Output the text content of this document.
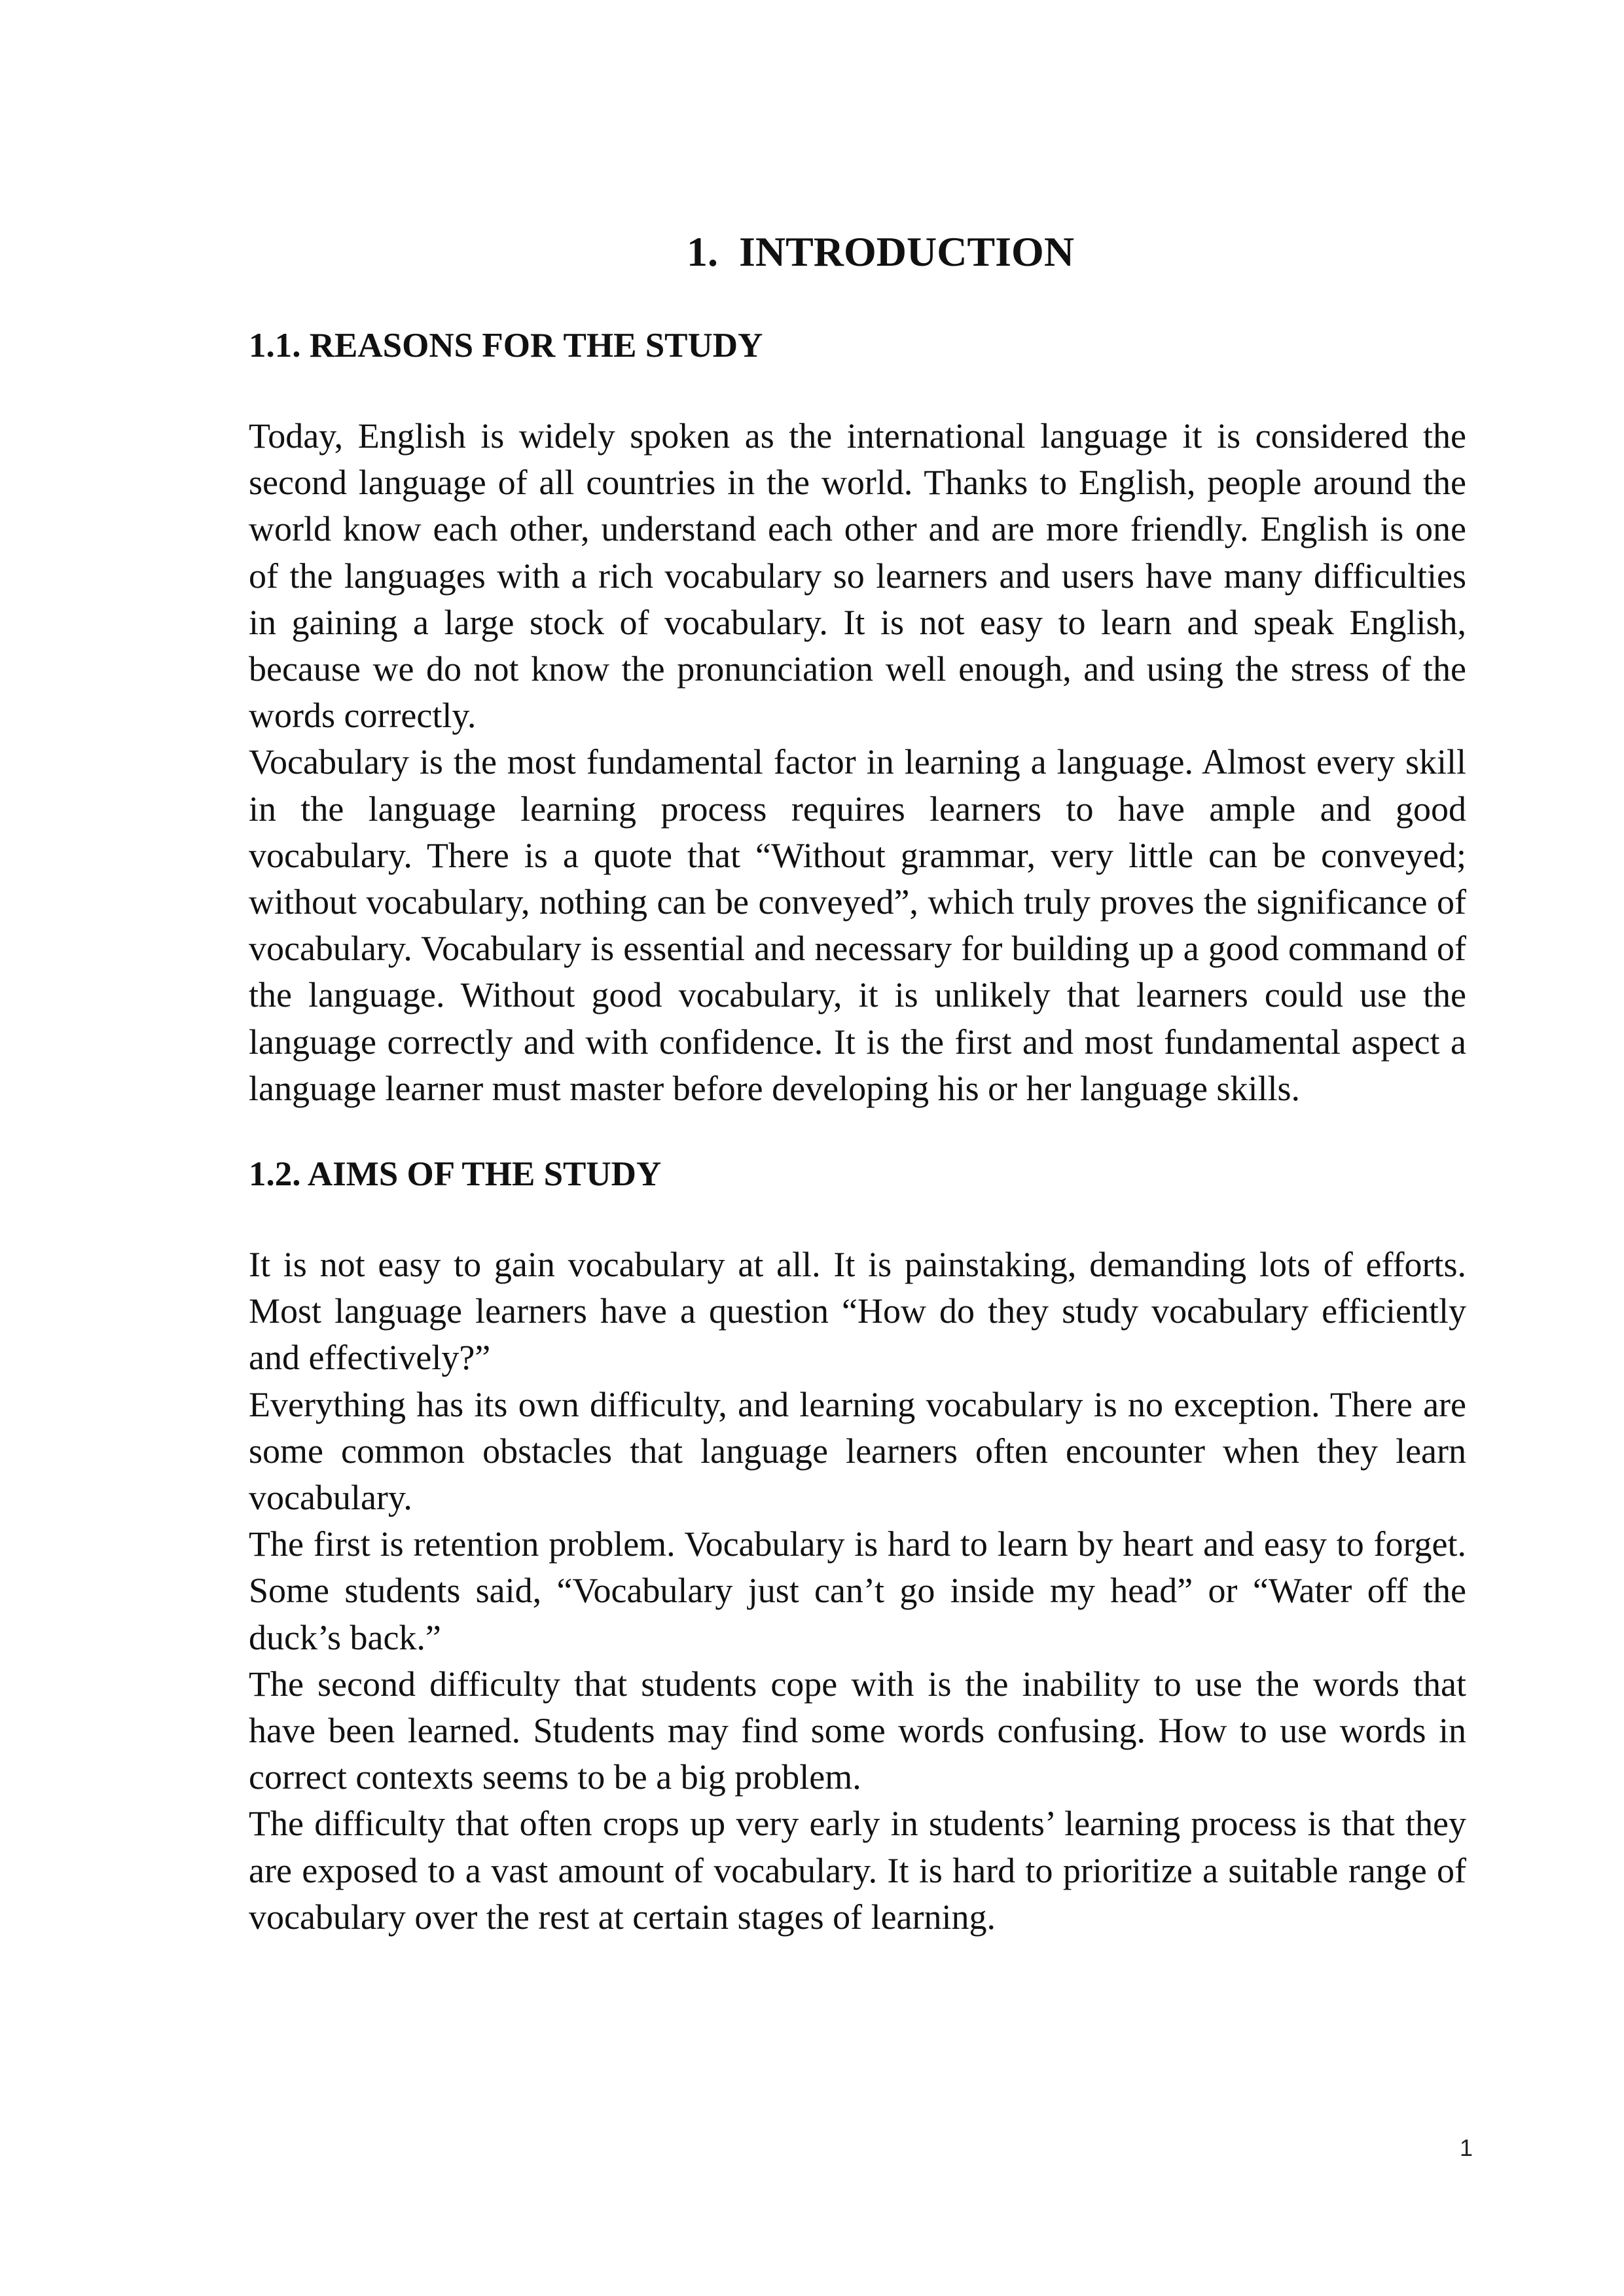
1.  INTRODUCTION
1.1. REASONS FOR THE STUDY

Today, English is widely spoken as the international language it is considered the second language of all countries in the world. Thanks to English, people around the world know each other, understand each other and are more friendly. English is one of the languages with a rich vocabulary so learners and users have many difficulties in gaining a large stock of vocabulary. It is not easy to learn and speak English, because we do not know the pronunciation well enough, and using the stress of the words correctly.

Vocabulary is the most fundamental factor in learning a language. Almost every skill in the language learning process requires learners to have ample and good vocabulary. There is a quote that “Without grammar, very little can be conveyed; without vocabulary, nothing can be conveyed”, which truly proves the significance of vocabulary. Vocabulary is essential and necessary for building up a good command of the language. Without good vocabulary, it is unlikely that learners could use the language correctly and with confidence. It is the first and most fundamental aspect a language learner must master before developing his or her language skills.

1.2. AIMS OF THE STUDY

It is not easy to gain vocabulary at all. It is painstaking, demanding lots of efforts. Most language learners have a question “How do they study vocabulary efficiently and effectively?”

Everything has its own difficulty, and learning vocabulary is no exception. There are some common obstacles that language learners often encounter when they learn vocabulary.

The first is retention problem. Vocabulary is hard to learn by heart and easy to forget. Some students said, “Vocabulary just can’t go inside my head” or “Water off the duck’s back.”

The second difficulty that students cope with is the inability to use the words that have been learned. Students may find some words confusing. How to use words in correct contexts seems to be a big problem.

The difficulty that often crops up very early in students’ learning process is that they are exposed to a vast amount of vocabulary. It is hard to prioritize a suitable range of vocabulary over the rest at certain stages of learning.

1
